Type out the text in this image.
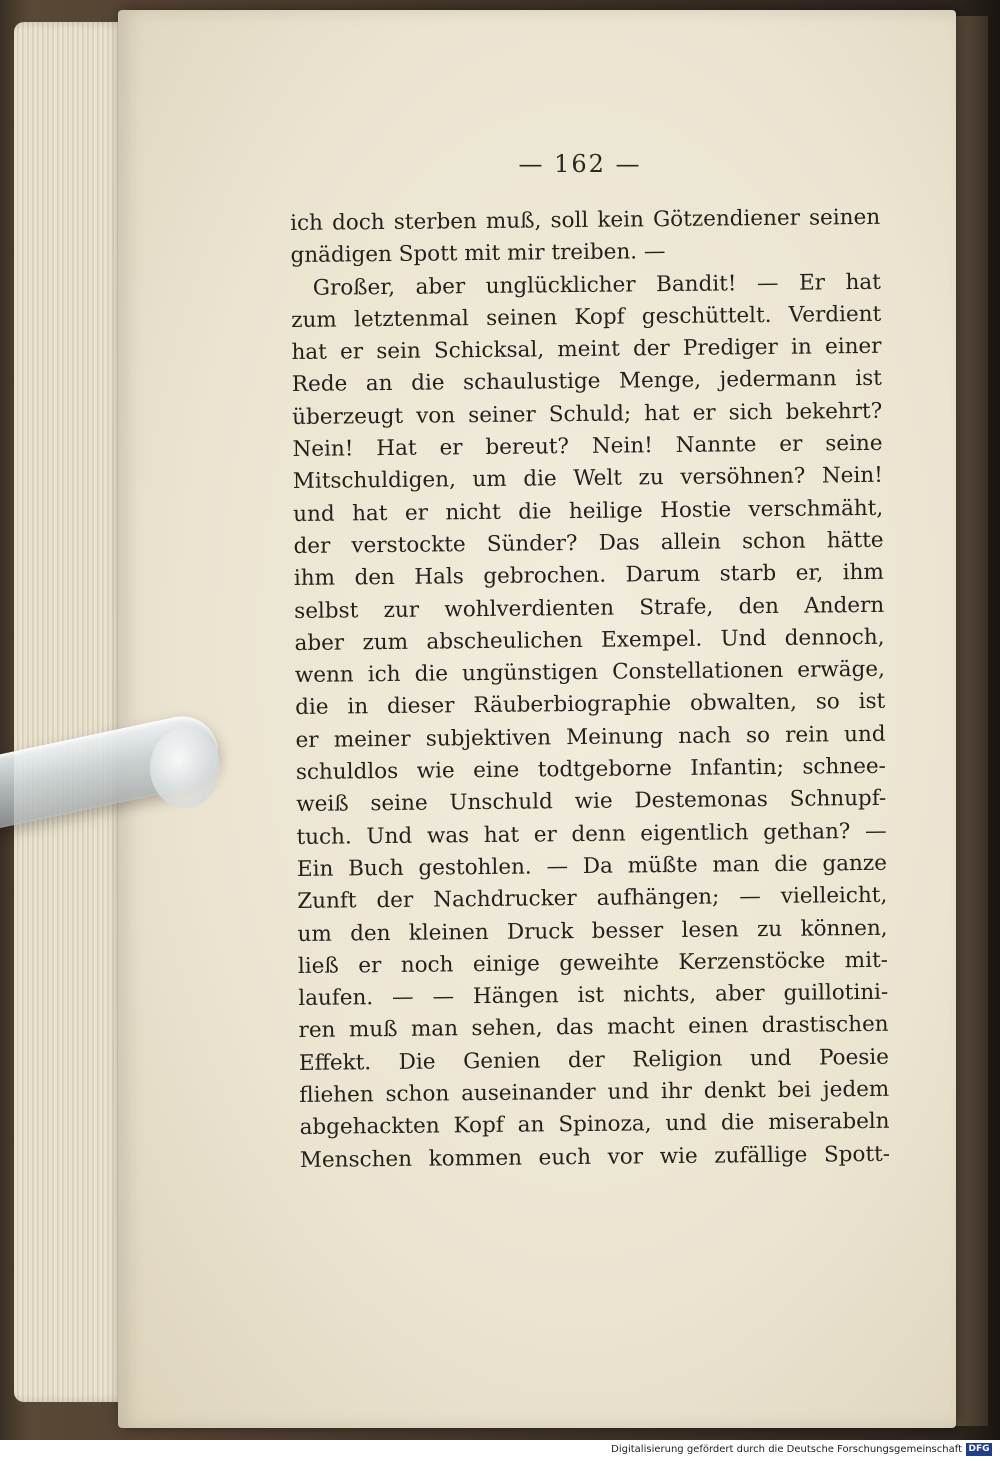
— 162 —
ich doch sterben muß, soll kein Götzendiener seinen
gnädigen Spott mit mir treiben. —
Großer, aber unglücklicher Bandit! — Er hat
zum letztenmal seinen Kopf geschüttelt. Verdient
hat er sein Schicksal, meint der Prediger in einer
Rede an die schaulustige Menge, jedermann ist
überzeugt von seiner Schuld; hat er sich bekehrt?
Nein! Hat er bereut? Nein! Nannte er seine
Mitschuldigen, um die Welt zu versöhnen? Nein!
und hat er nicht die heilige Hostie verschmäht,
der verstockte Sünder? Das allein schon hätte
ihm den Hals gebrochen. Darum starb er, ihm
selbst zur wohlverdienten Strafe, den Andern
aber zum abscheulichen Exempel. Und dennoch,
wenn ich die ungünstigen Constellationen erwäge,
die in dieser Räuberbiographie obwalten, so ist
er meiner subjektiven Meinung nach so rein und
schuldlos wie eine todtgeborne Infantin; schnee-
weiß seine Unschuld wie Destemonas Schnupf-
tuch. Und was hat er denn eigentlich gethan? —
Ein Buch gestohlen. — Da müßte man die ganze
Zunft der Nachdrucker aufhängen; — vielleicht,
um den kleinen Druck besser lesen zu können,
ließ er noch einige geweihte Kerzenstöcke mit-
laufen. — — Hängen ist nichts, aber guillotini-
ren muß man sehen, das macht einen drastischen
Effekt. Die Genien der Religion und Poesie
fliehen schon auseinander und ihr denkt bei jedem
abgehackten Kopf an Spinoza, und die miserabeln
Menschen kommen euch vor wie zufällige Spott-
Digitalisierung gefördert durch die Deutsche Forschungsgemeinschaft DFG
